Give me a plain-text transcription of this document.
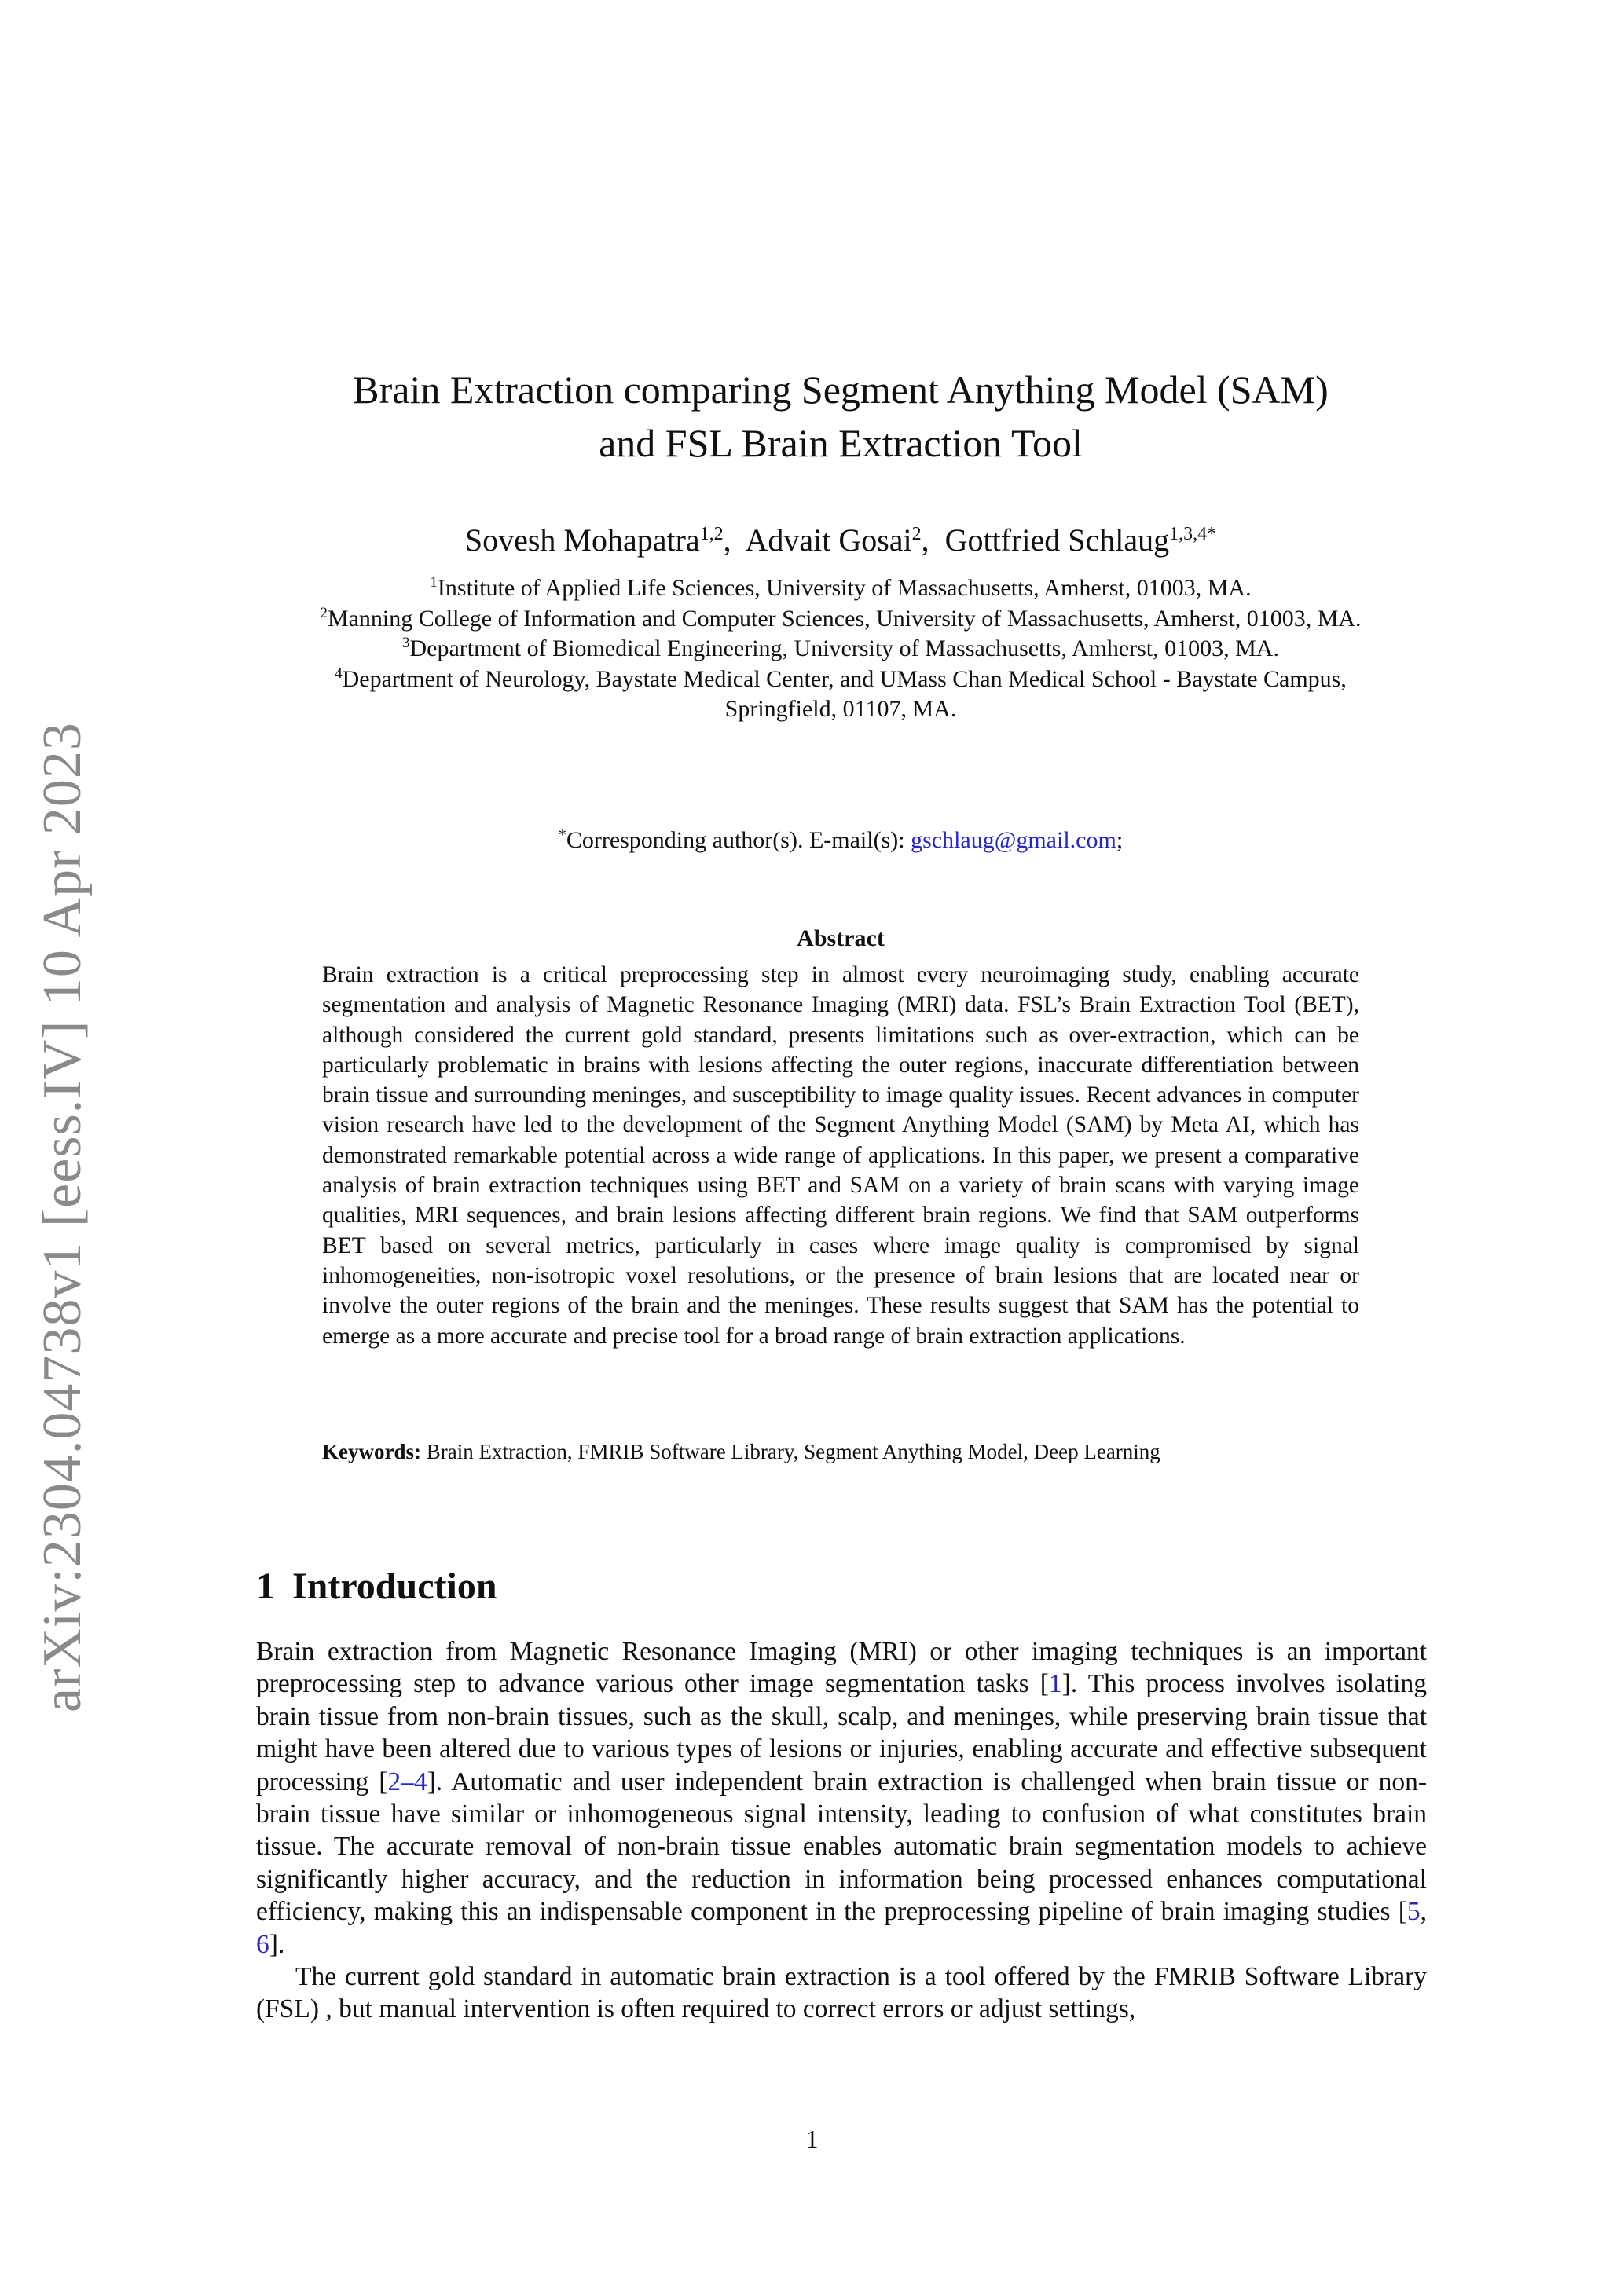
arXiv:2304.04738v1 [eess.IV] 10 Apr 2023
Brain Extraction comparing Segment Anything Model (SAM)
and FSL Brain Extraction Tool
Sovesh Mohapatra$^{1,2}$,  Advait Gosai$^2$,  Gottfried Schlaug$^{1,3,4*}$

$^1$Institute of Applied Life Sciences, University of Massachusetts, Amherst, 01003, MA.

$^2$Manning College of Information and Computer Sciences, University of Massachusetts, Amherst, 01003, MA.

$^3$Department of Biomedical Engineering, University of Massachusetts, Amherst, 01003, MA.

$^4$Department of Neurology, Baystate Medical Center, and UMass Chan Medical School - Baystate Campus, Springfield, 01107, MA.

*Corresponding author(s). E-mail(s): gschlaug@gmail.com;
Abstract
Brain extraction is a critical preprocessing step in almost every neuroimaging study, enabling accurate segmentation and analysis of Magnetic Resonance Imaging (MRI) data. FSL’s Brain Extraction Tool (BET), although considered the current gold standard, presents limitations such as over-extraction, which can be particularly problematic in brains with lesions affecting the outer regions, inaccurate differentiation between brain tissue and surrounding meninges, and susceptibility to image quality issues. Recent advances in computer vision research have led to the development of the Segment Anything Model (SAM) by Meta AI, which has demonstrated remarkable potential across a wide range of applications. In this paper, we present a comparative analysis of brain extraction techniques using BET and SAM on a variety of brain scans with varying image qualities, MRI sequences, and brain lesions affecting different brain regions. We find that SAM outperforms BET based on several metrics, particularly in cases where image quality is compromised by signal inhomogeneities, non-isotropic voxel resolutions, or the presence of brain lesions that are located near or involve the outer regions of the brain and the meninges. These results suggest that SAM has the potential to emerge as a more accurate and precise tool for a broad range of brain extraction applications.
Keywords: Brain Extraction, FMRIB Software Library, Segment Anything Model, Deep Learning
1 Introduction

Brain extraction from Magnetic Resonance Imaging (MRI) or other imaging techniques is an important preprocessing step to advance various other image segmentation tasks [1]. This process involves isolating brain tissue from non-brain tissues, such as the skull, scalp, and meninges, while preserving brain tissue that might have been altered due to various types of lesions or injuries, enabling accurate and effective subsequent processing [2–4]. Automatic and user independent brain extraction is challenged when brain tissue or non-brain tissue have similar or inhomogeneous signal intensity, leading to confusion of what constitutes brain tissue. The accurate removal of non-brain tissue enables automatic brain segmentation models to achieve significantly higher accuracy, and the reduction in information being processed enhances computational efficiency, making this an indispensable component in the preprocessing pipeline of brain imaging studies [5, 6].

The current gold standard in automatic brain extraction is a tool offered by the FMRIB Software Library (FSL) , but manual intervention is often required to correct errors or adjust settings,

1
